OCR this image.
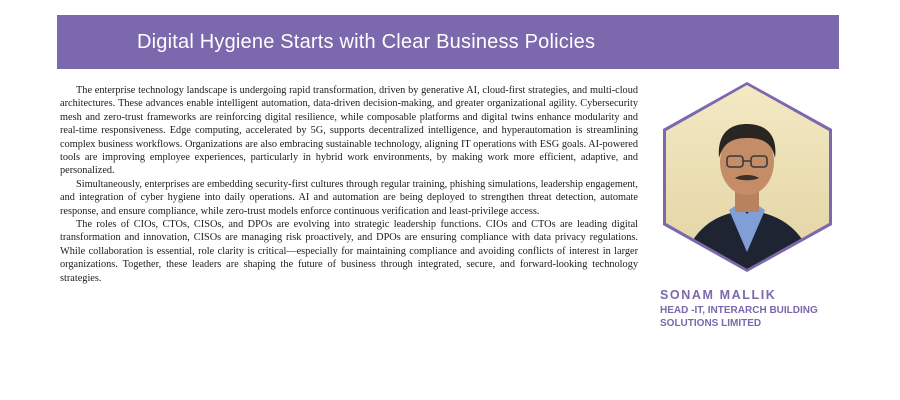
Digital Hygiene Starts with Clear Business Policies

The enterprise technology landscape is undergoing rapid transformation, driven by generative AI, cloud-first strategies, and multi-cloud architectures. These advances enable intelligent automation, data-driven decision-making, and greater organizational agility. Cybersecurity mesh and zero-trust frameworks are reinforcing digital resilience, while composable platforms and digital twins enhance modularity and real-time responsiveness. Edge computing, accelerated by 5G, supports decentralized intelligence, and hyperautomation is streamlining complex business workflows. Organizations are also embracing sustainable technology, aligning IT operations with ESG goals. AI-powered tools are improving employee experiences, particularly in hybrid work environments, by making work more efficient, adaptive, and personalized.

Simultaneously, enterprises are embedding security-first cultures through regular training, phishing simulations, leadership engagement, and integration of cyber hygiene into daily operations. AI and automation are being deployed to strengthen threat detection, automate response, and ensure compliance, while zero-trust models enforce continuous verification and least-privilege access.

The roles of CIOs, CTOs, CISOs, and DPOs are evolving into strategic leadership functions. CIOs and CTOs are leading digital transformation and innovation, CISOs are managing risk proactively, and DPOs are ensuring compliance with data privacy regulations. While collaboration is essential, role clarity is critical—especially for maintaining compliance and avoiding conflicts of interest in larger organizations. Together, these leaders are shaping the future of business through integrated, secure, and forward-looking technology strategies.

SONAM MALLIK
HEAD -IT, INTERARCH BUILDING SOLUTIONS LIMITED
